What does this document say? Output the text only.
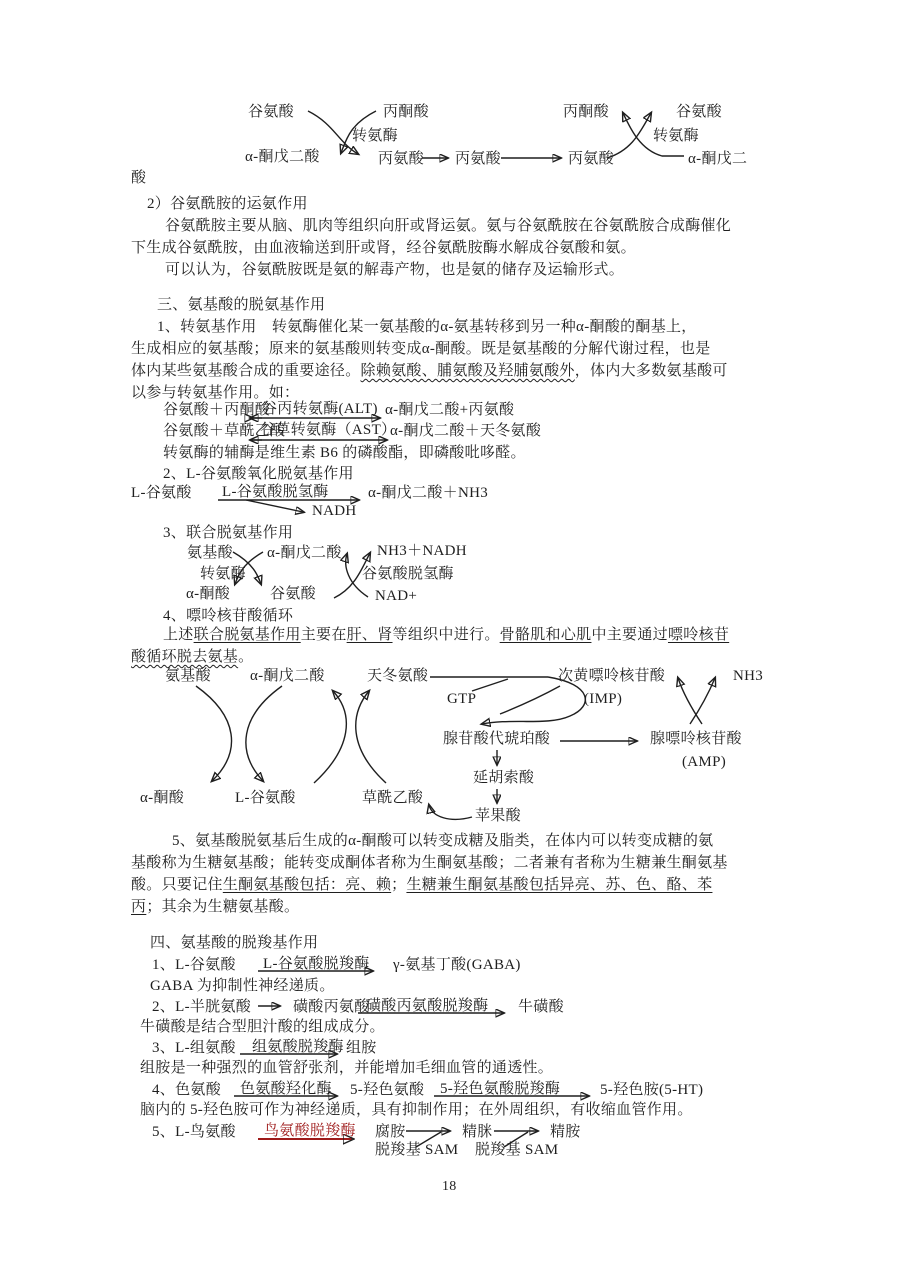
谷氨酸	丙酮酸
转氨酶
α-酮戊二酸	丙氨酸 丙氨酸	丙氨酸
丙酮酸	谷氨酸
转氨酶
α-酮戊二
酸
2）谷氨酰胺的运氨作用
谷氨酰胺主要从脑、肌肉等组织向肝或肾运氨。氨与谷氨酰胺在谷氨酰胺合成酶催化
下生成谷氨酰胺，由血液输送到肝或肾，经谷氨酰胺酶水解成谷氨酸和氨。
可以认为，谷氨酰胺既是氨的解毒产物，也是氨的储存及运输形式。
三、氨基酸的脱氨基作用
1、转氨基作用　转氨酶催化某一氨基酸的α-氨基转移到另一种α-酮酸的酮基上，
生成相应的氨基酸；原来的氨基酸则转变成α-酮酸。既是氨基酸的分解代谢过程，也是
体内某些氨基酸合成的重要途径。除赖氨酸、脯氨酸及羟脯氨酸外，体内大多数氨基酸可
以参与转氨基作用。如：
谷氨酸＋丙酮酸
谷丙转氨酶(ALT) α-酮戊二酸+丙氨酸
谷氨酸＋草酰乙酸
谷草转氨酶（AST）
α-酮戊二酸＋天冬氨酸
转氨酶的辅酶是维生素 B6 的磷酸酯，即磷酸吡哆醛。
2、L-谷氨酸氧化脱氨基作用
L-谷氨酸 L-谷氨酸脱氢酶	α-酮戊二酸＋NH3
NADH
3、联合脱氨基作用
氨基酸 α-酮戊二酸 NH3＋NADH
转氨酶	谷氨酸脱氢酶
α-酮酸	谷氨酸	NAD+
4、嘌呤核苷酸循环
上述联合脱氨基作用主要在肝、肾等组织中进行。骨骼肌和心肌中主要通过嘌呤核苷
酸循环脱去氨基。
氨基酸	α-酮戊二酸	天冬氨酸
GTP
次黄嘌呤核苷酸
(IMP)
NH3
腺苷酸代琥珀酸	腺嘌呤核苷酸
(AMP)
延胡索酸
苹果酸
α-酮酸	L-谷氨酸	草酰乙酸
5、氨基酸脱氨基后生成的α-酮酸可以转变成糖及脂类，在体内可以转变成糖的氨
基酸称为生糖氨基酸；能转变成酮体者称为生酮氨基酸；二者兼有者称为生糖兼生酮氨基
酸。只要记住生酮氨基酸包括：亮、赖；生糖兼生酮氨基酸包括异亮、苏、色、酪、苯
丙；其余为生糖氨基酸。
四、氨基酸的脱羧基作用
1、L-谷氨酸 L-谷氨酸脱羧酶 γ-氨基丁酸(GABA)
GABA 为抑制性神经递质。
2、L-半胱氨酸	磺酸丙氨酸
磺酸丙氨酸脱羧酶 牛磺酸
牛磺酸是结合型胆汁酸的组成成分。
3、L-组氨酸 组氨酸脱羧酶 组胺
组胺是一种强烈的血管舒张剂，并能增加毛细血管的通透性。
4、色氨酸 色氨酸羟化酶 5-羟色氨酸 5-羟色氨酸脱羧酶	5-羟色胺(5-HT)
脑内的 5-羟色胺可作为神经递质，具有抑制作用；在外周组织，有收缩血管作用。
5、L-鸟氨酸 鸟氨酸脱羧酶 腐胺	精脒	精胺
脱羧基 SAM 脱羧基 SAM
18
